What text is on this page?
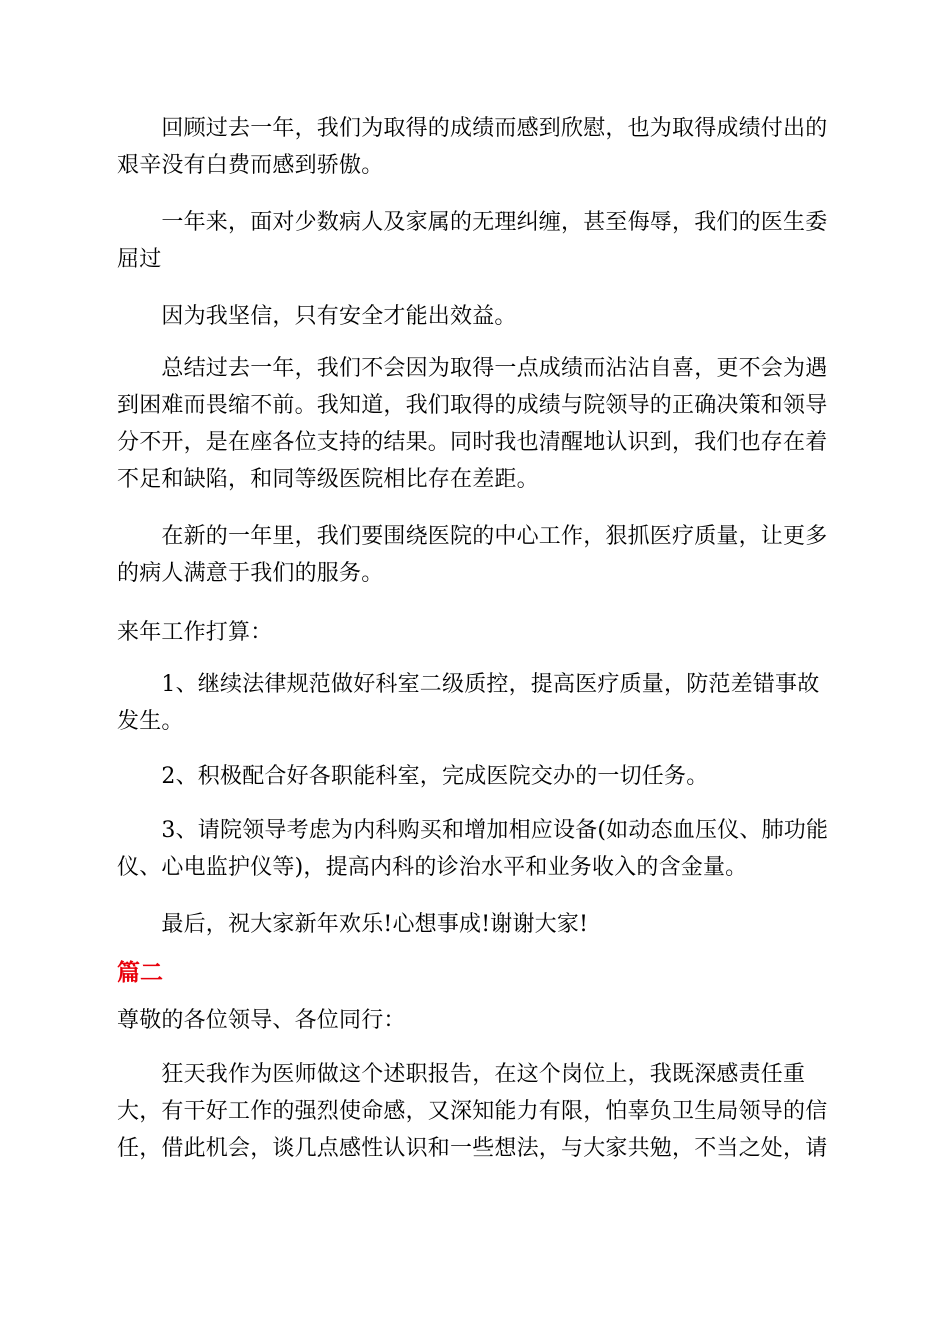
　　回顾过去一年，我们为取得的成绩而感到欣慰，也为取得成绩付出的
艰辛没有白费而感到骄傲。

　　一年来，面对少数病人及家属的无理纠缠，甚至侮辱，我们的医生委
屈过

　　因为我坚信，只有安全才能出效益。

　　总结过去一年，我们不会因为取得一点成绩而沾沾自喜，更不会为遇
到困难而畏缩不前。我知道，我们取得的成绩与院领导的正确决策和领导
分不开，是在座各位支持的结果。同时我也清醒地认识到，我们也存在着
不足和缺陷，和同等级医院相比存在差距。

　　在新的一年里，我们要围绕医院的中心工作，狠抓医疗质量，让更多
的病人满意于我们的服务。

来年工作打算：

　　1、继续法律规范做好科室二级质控，提高医疗质量，防范差错事故
发生。

　　2、积极配合好各职能科室，完成医院交办的一切任务。

　　3、请院领导考虑为内科购买和增加相应设备(如动态血压仪、肺功能
仪、心电监护仪等)，提高内科的诊治水平和业务收入的含金量。

　　最后，祝大家新年欢乐!心想事成!谢谢大家!

篇二

尊敬的各位领导、各位同行：

　　狂天我作为医师做这个述职报告，在这个岗位上，我既深感责任重
大，有干好工作的强烈使命感，又深知能力有限，怕辜负卫生局领导的信
任，借此机会，谈几点感性认识和一些想法，与大家共勉，不当之处，请
